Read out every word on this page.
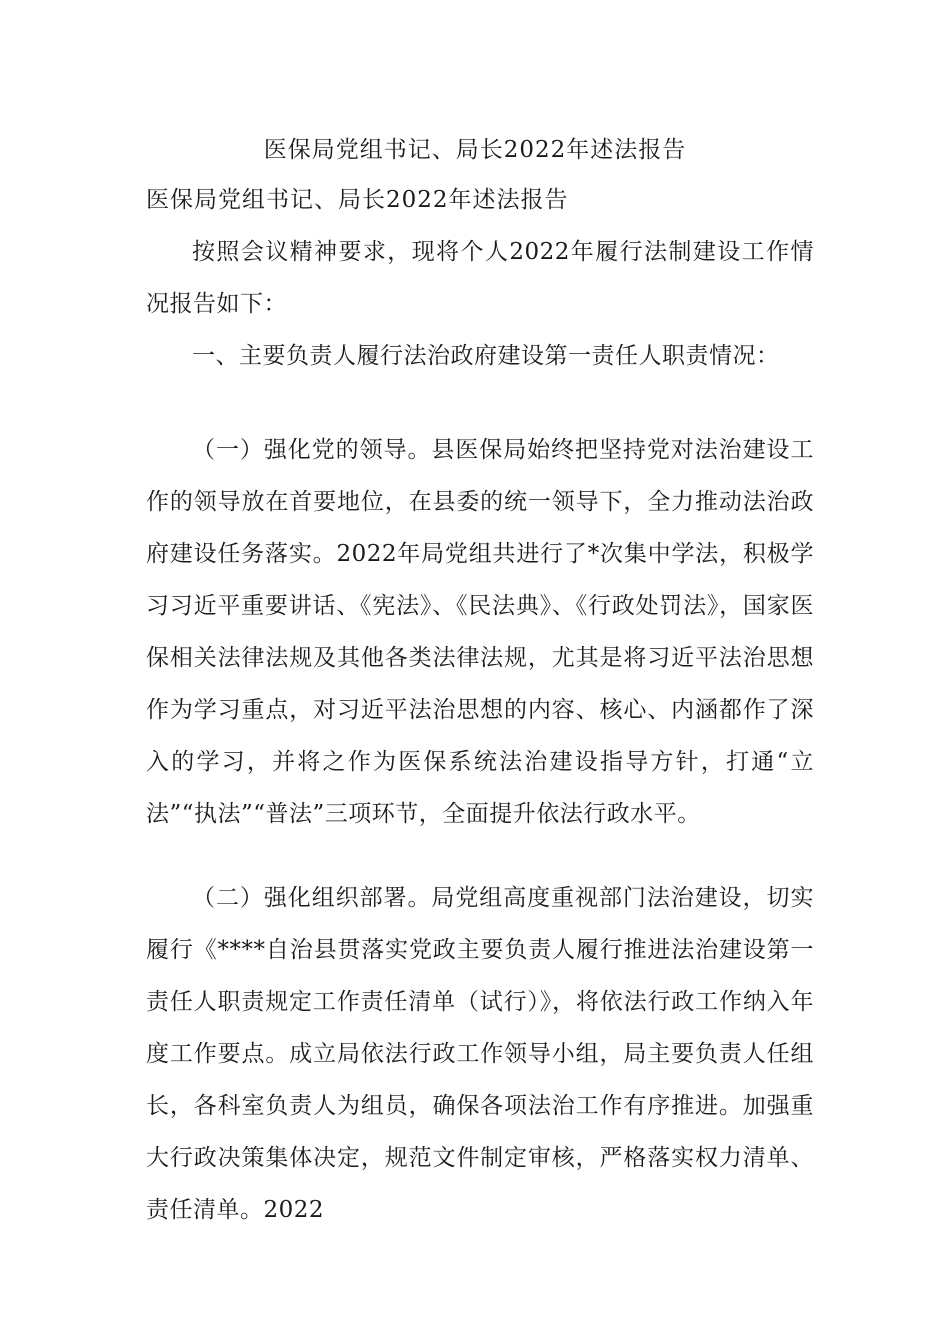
医保局党组书记、局长2022年述法报告
医保局党组书记、局长2022年述法报告

按照会议精神要求，现将个人2022年履行法制建设工作情况报告如下：

一、主要负责人履行法治政府建设第一责任人职责情况：

（一）强化党的领导。县医保局始终把坚持党对法治建设工作的领导放在首要地位，在县委的统一领导下，全力推动法治政府建设任务落实。2022年局党组共进行了*次集中学法，积极学习习近平重要讲话、《宪法》、《民法典》、《行政处罚法》，国家医保相关法律法规及其他各类法律法规，尤其是将习近平法治思想作为学习重点，对习近平法治思想的内容、核心、内涵都作了深入的学习，并将之作为医保系统法治建设指导方针，打通“立法”“执法”“普法”三项环节，全面提升依法行政水平。

（二）强化组织部署。局党组高度重视部门法治建设，切实履行《****自治县贯落实党政主要负责人履行推进法治建设第一责任人职责规定工作责任清单（试行）》，将依法行政工作纳入年度工作要点。成立局依法行政工作领导小组，局主要负责人任组长，各科室负责人为组员，确保各项法治工作有序推进。加强重大行政决策集体决定，规范文件制定审核，严格落实权力清单、责任清单。2022
